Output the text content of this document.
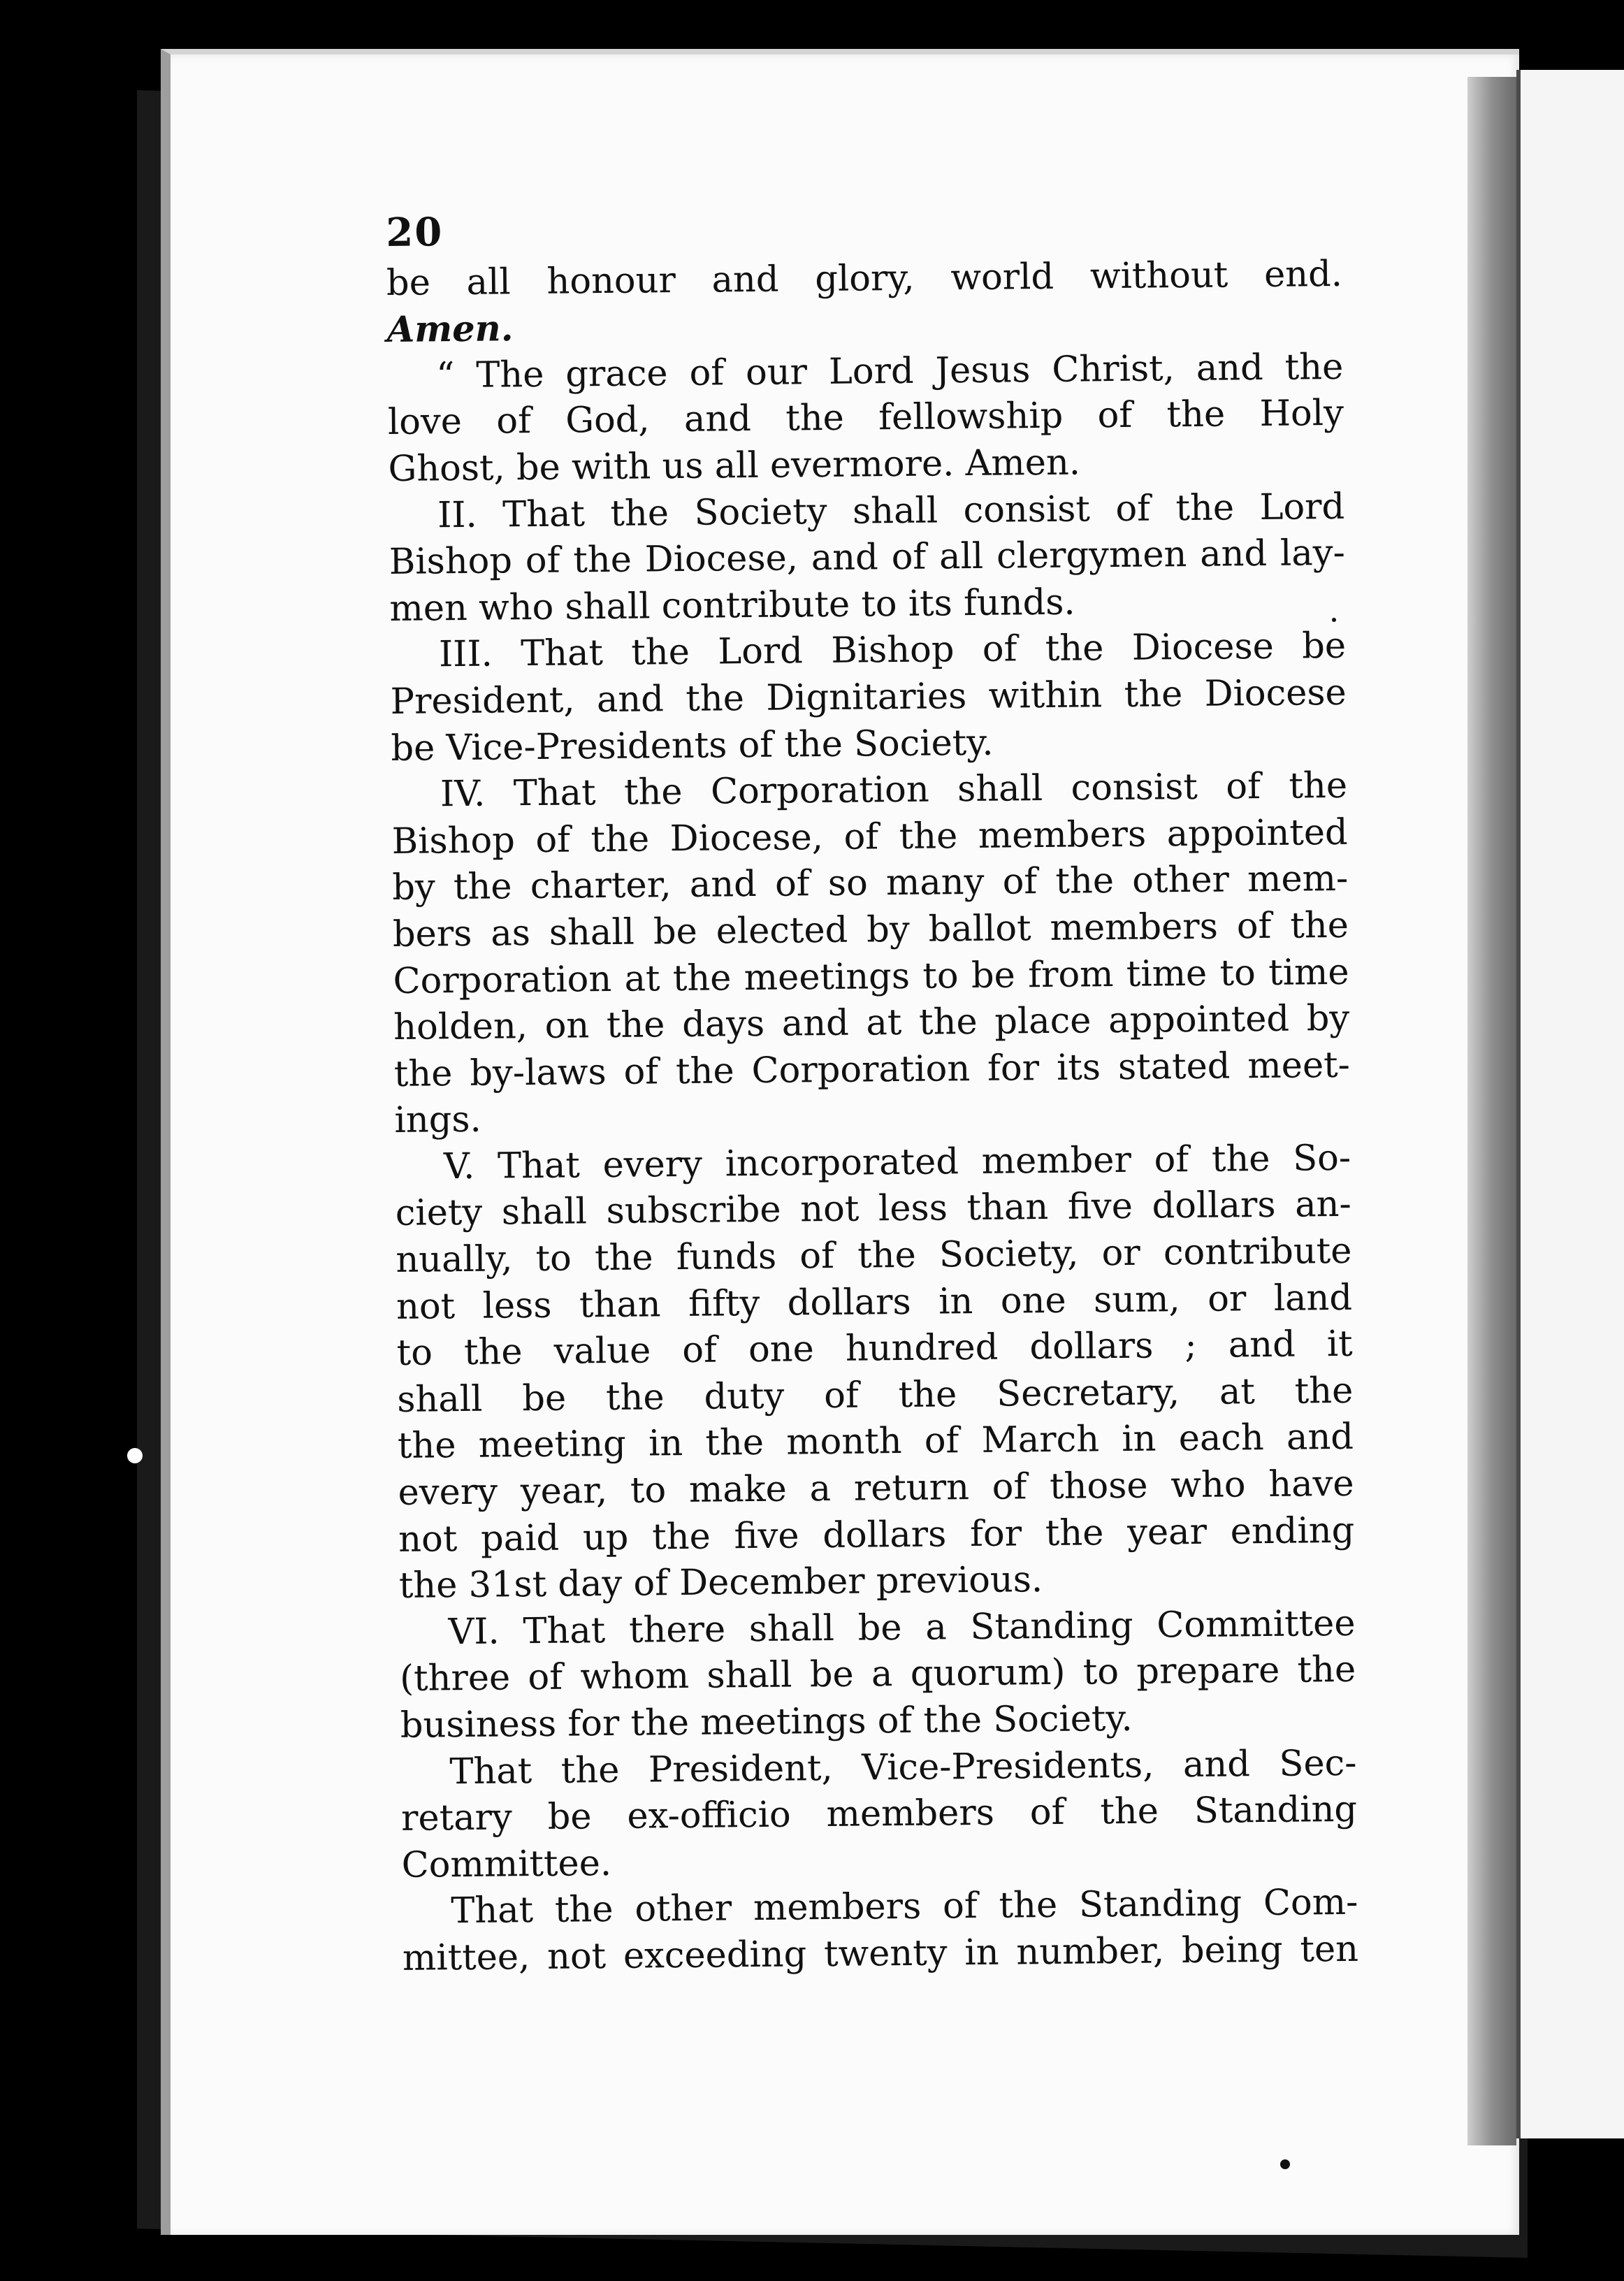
20
be all honour and glory, world without end.
Amen.
“ The grace of our Lord Jesus Christ, and the
love of God, and the fellowship of the Holy
Ghost, be with us all evermore. Amen.
II. That the Society shall consist of the Lord
Bishop of the Diocese, and of all clergymen and lay-
men who shall contribute to its funds.
III. That the Lord Bishop of the Diocese be
President, and the Dignitaries within the Diocese
be Vice-Presidents of the Society.
IV. That the Corporation shall consist of the
Bishop of the Diocese, of the members appointed
by the charter, and of so many of the other mem-
bers as shall be elected by ballot members of the
Corporation at the meetings to be from time to time
holden, on the days and at the place appointed by
the by-laws of the Corporation for its stated meet-
ings.
V. That every incorporated member of the So-
ciety shall subscribe not less than five dollars an-
nually, to the funds of the Society, or contribute
not less than fifty dollars in one sum, or land
to the value of one hundred dollars ; and it
shall be the duty of the Secretary, at the
the meeting in the month of March in each and
every year, to make a return of those who have
not paid up the five dollars for the year ending
the 31st day of December previous.
VI. That there shall be a Standing Committee
(three of whom shall be a quorum) to prepare the
business for the meetings of the Society.
That the President, Vice-Presidents, and Sec-
retary be ex-officio members of the Standing
Committee.
That the other members of the Standing Com-
mittee, not exceeding twenty in number, being ten
